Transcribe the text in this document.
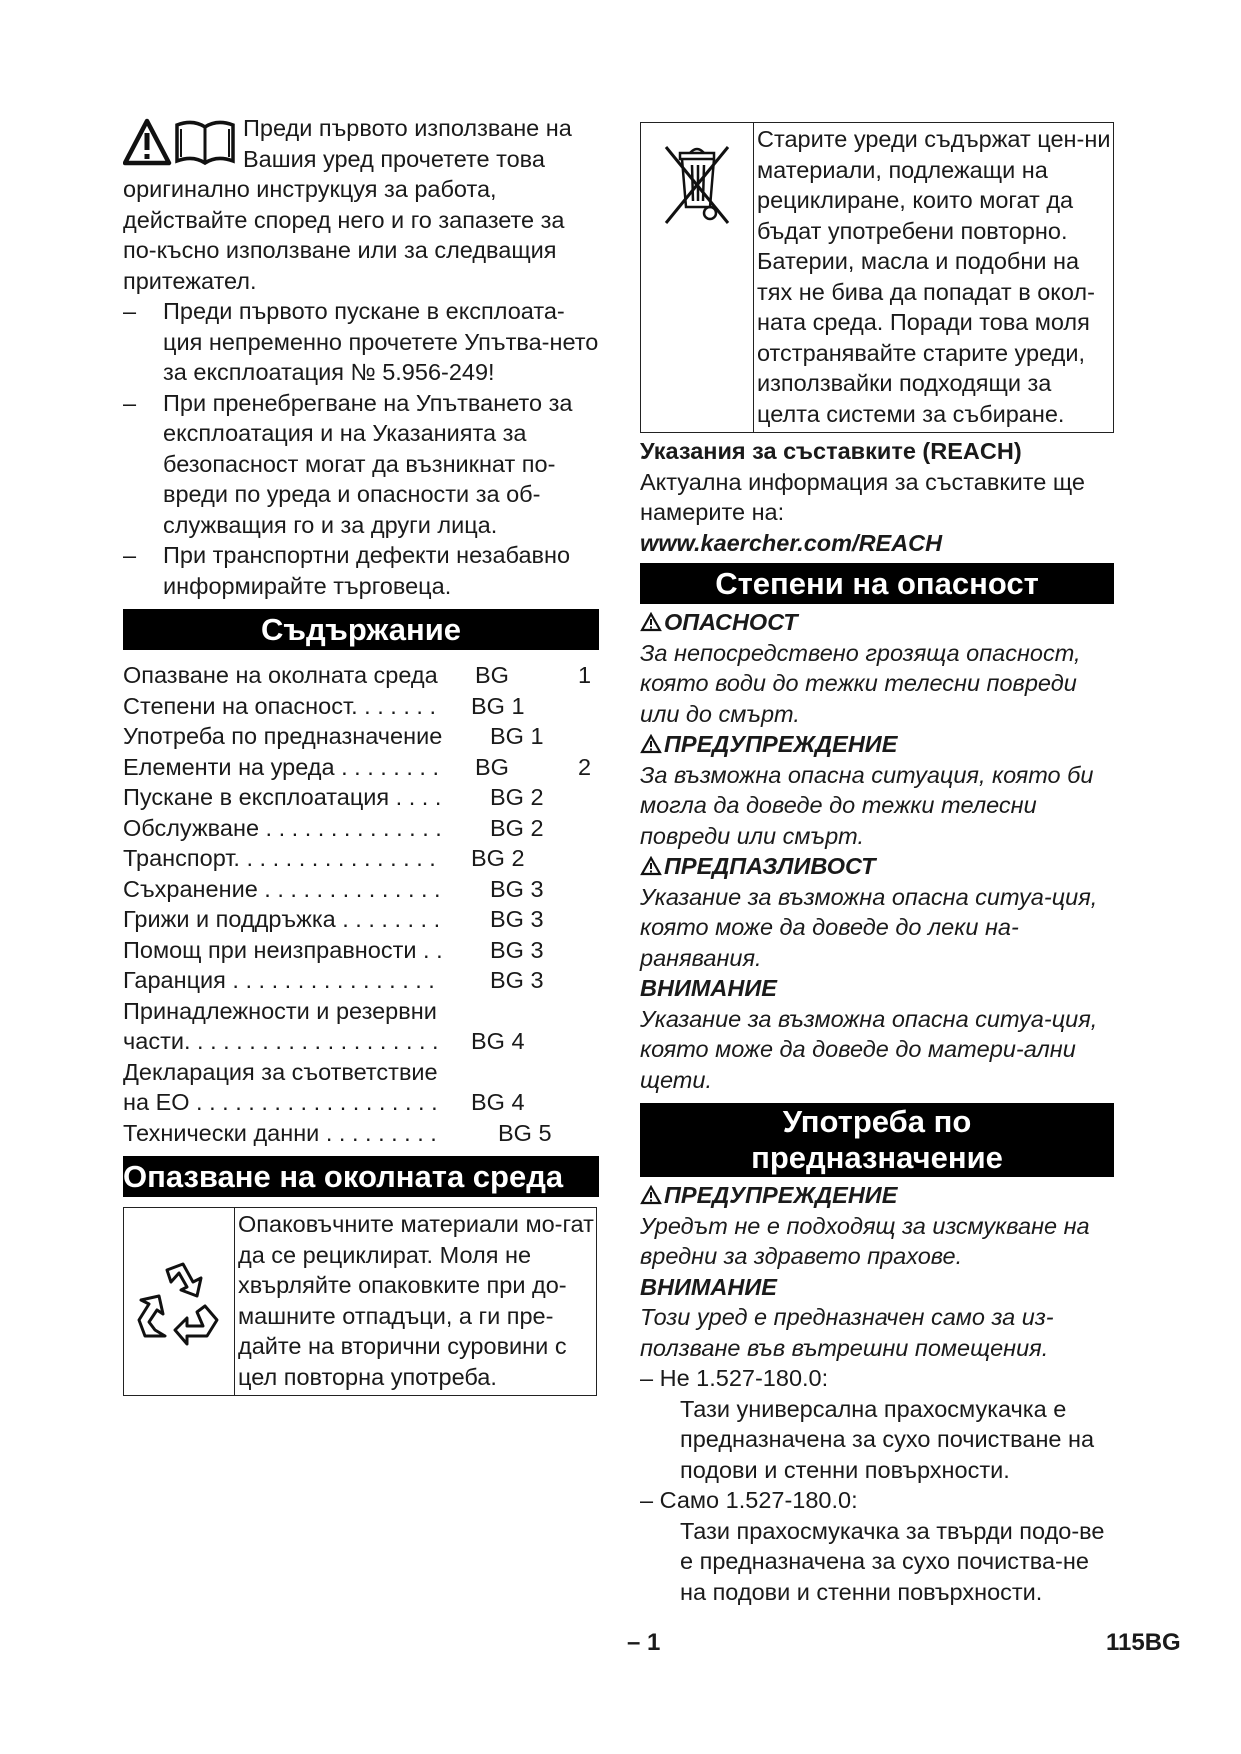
Преди първото използване на Вашия уред прочетете това

оригинално инструкцуя за работа, действайте според него и го запазете за по-късно използване или за следващия притежател.

– Преди първото пускане в експлоата-ция непременно прочетете Упътва-нето за експлоатация № 5.956-249!
– При пренебрегване на Упътването за експлоатация и на Указанията за безопасност могат да възникнат по-вреди по уреда и опасности за об-служващия го и за други лица.
– При транспортни дефекти незабавно информирайте търговеца.
Съдържание
Опазване на околната среда BG	1
Степени на опасност. . . . . . . BG 1
Употреба по предназначение BG 1
Елементи на уреда . . . . . . . . BG	2
Пускане в експлоатация . . . . BG 2
Обслужване . . . . . . . . . . . . . . BG 2
Транспорт. . . . . . . . . . . . . . . . BG 2
Съхранение . . . . . . . . . . . . . . BG 3
Грижи и поддръжка . . . . . . . . BG 3
Помощ при неизправности . . BG 3
Гаранция . . . . . . . . . . . . . . . . BG 3
Принадлежности и резервни
части. . . . . . . . . . . . . . . . . . . . BG 4
Декларация за съответствие
на ЕО . . . . . . . . . . . . . . . . . . . BG 4
Технически данни . . . . . . . . .	BG 5
Опазване на околната среда
Опаковъчните материали мо-гат да се рециклират. Моля не хвърляйте опаковките при до-машните отпадъци, а ги пре-дайте на вторични суровини с цел повторна употреба.
Старите уреди съдържат цен-ни материали, подлежащи на рециклиране, които могат да бъдат употребени повторно. Батерии, масла и подобни на тях не бива да попадат в окол-ната среда. Поради това моля отстранявайте старите уреди, използвайки подходящи за целта системи за събиране.
Указания за съставките (REACH)
Актуална информация за съставките ще намерите на:
www.kaercher.com/REACH
Степени на опасност
ОПАСНОСТ
За непосредствено грозяща опасност, която води до тежки телесни повреди или до смърт.
ПРЕДУПРЕЖДЕНИЕ
За възможна опасна ситуация, която би могла да доведе до тежки телесни повреди или смърт.
ПРЕДПАЗЛИВОСТ
Указание за възможна опасна ситуа-ция, която може да доведе до леки на-ранявания.
ВНИМАНИЕ
Указание за възможна опасна ситуа-ция, която може да доведе до матери-ални щети.
Употреба по
предназначение
ПРЕДУПРЕЖДЕНИЕ
Уредът не е подходящ за изсмукване на вредни за здравето прахове.
ВНИМАНИЕ
Този уред е предназначен само за из-ползване във вътрешни помещения.
– Не 1.527-180.0:
Тази универсална прахосмукачка е предназначена за сухо почистване на подови и стенни повърхности.
– Само 1.527-180.0:
Тази прахосмукачка за твърди подо-ве е предназначена за сухо почиства-не на подови и стенни повърхности.
– 1	115BG
